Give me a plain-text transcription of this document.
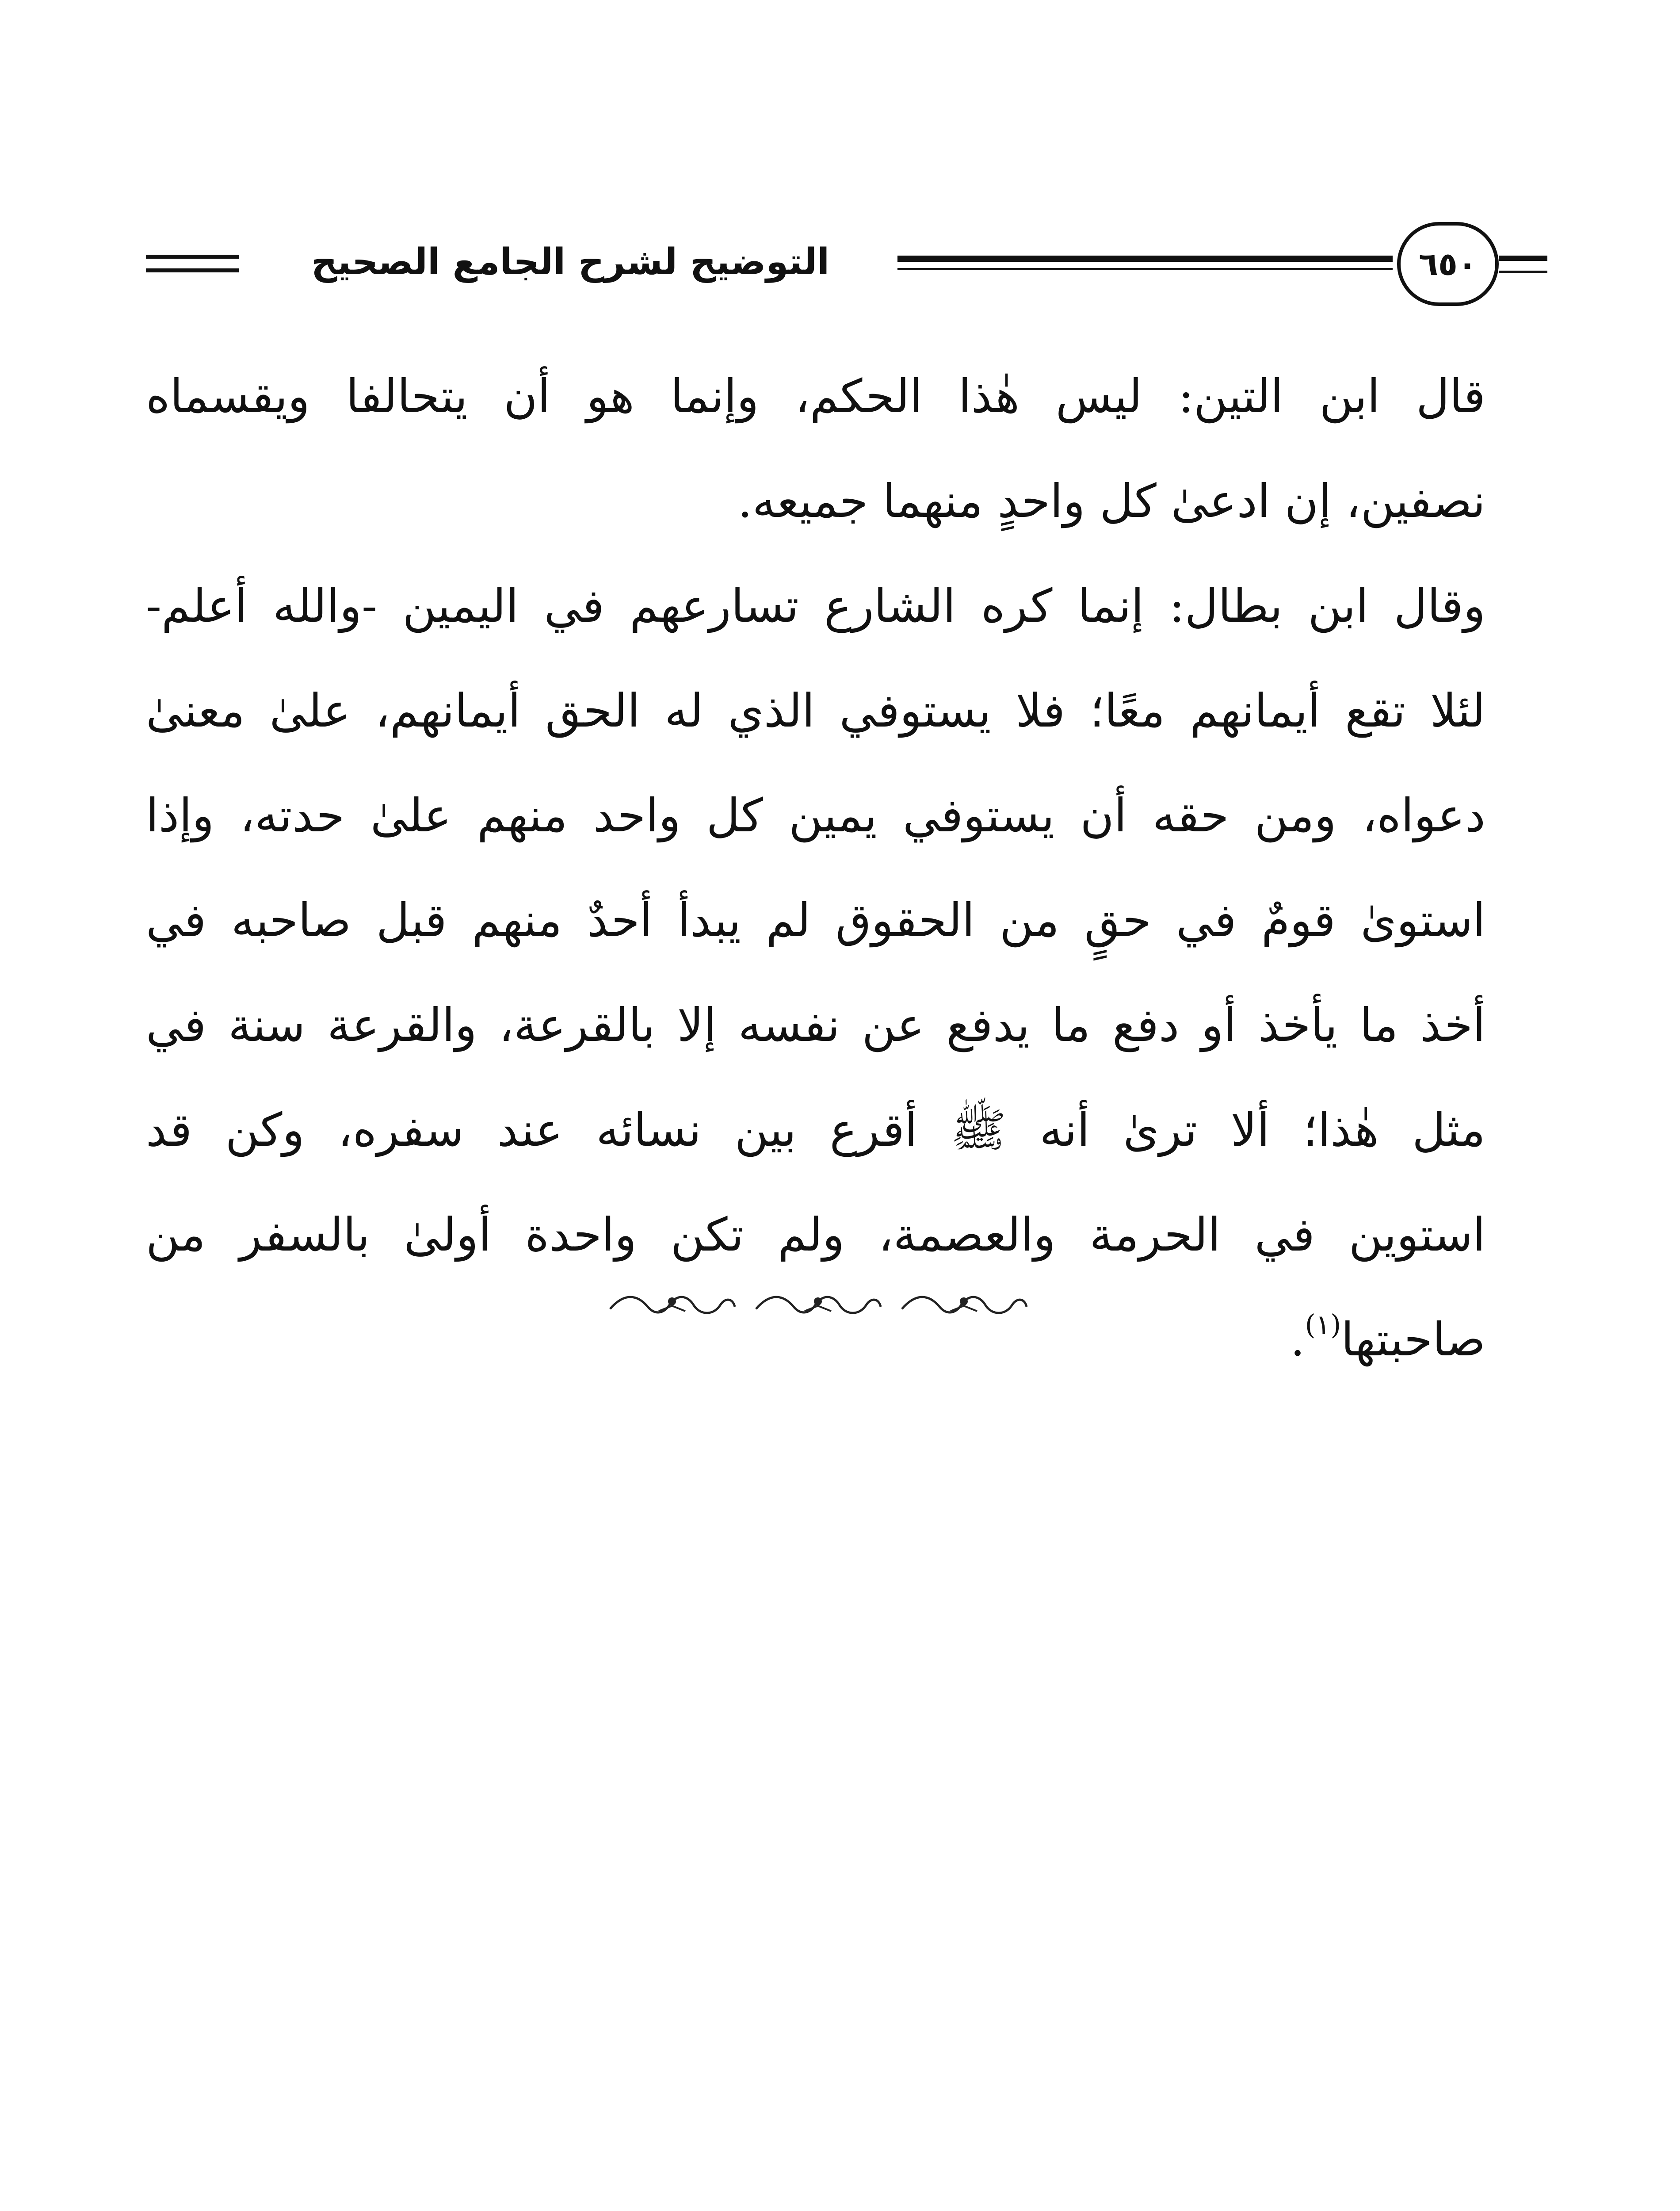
التوضيح لشرح الجامع الصحيح	٦٥٠
قال ابن التين: ليس هٰذا الحكم، وإنما هو أن يتحالفا ويقسماه
نصفين، إن ادعىٰ كل واحدٍ منهما جميعه.
وقال ابن بطال: إنما كره الشارع تسارعهم في اليمين -والله أعلم-
لئلا تقع أيمانهم معًا؛ فلا يستوفي الذي له الحق أيمانهم، علىٰ معنىٰ
دعواه، ومن حقه أن يستوفي يمين كل واحد منهم علىٰ حدته، وإذا
استوىٰ قومٌ في حقٍ من الحقوق لم يبدأ أحدٌ منهم قبل صاحبه في
أخذ ما يأخذ أو دفع ما يدفع عن نفسه إلا بالقرعة، والقرعة سنة في
مثل هٰذا؛ ألا ترىٰ أنه ﷺ أقرع بين نسائه عند سفره، وكن قد
استوين في الحرمة والعصمة، ولم تكن واحدة أولىٰ بالسفر من
صاحبتها$^{(١)}$.
